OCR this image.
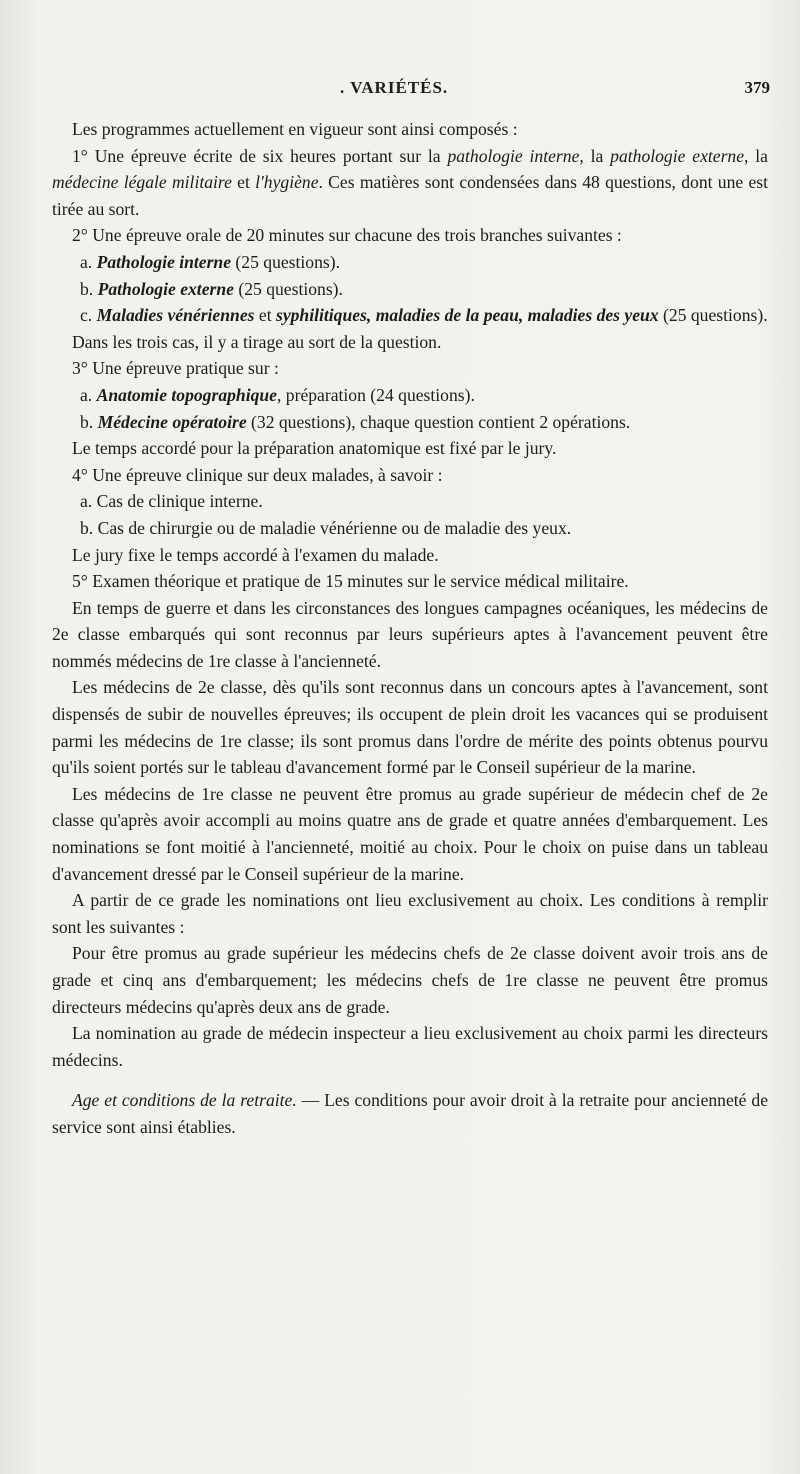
. VARIÉTÉS.	379

Les programmes actuellement en vigueur sont ainsi composés :

1° Une épreuve écrite de six heures portant sur la pathologie interne, la pathologie externe, la médecine légale militaire et l'hygiène. Ces matières sont condensées dans 48 questions, dont une est tirée au sort.

2° Une épreuve orale de 20 minutes sur chacune des trois branches suivantes :

a. Pathologie interne (25 questions).

b. Pathologie externe (25 questions).

c. Maladies vénériennes et syphilitiques, maladies de la peau, maladies des yeux (25 questions).

Dans les trois cas, il y a tirage au sort de la question.

3° Une épreuve pratique sur :

a. Anatomie topographique, préparation (24 questions).

b. Médecine opératoire (32 questions), chaque question contient 2 opérations.

Le temps accordé pour la préparation anatomique est fixé par le jury.

4° Une épreuve clinique sur deux malades, à savoir :

a. Cas de clinique interne.

b. Cas de chirurgie ou de maladie vénérienne ou de maladie des yeux.

Le jury fixe le temps accordé à l'examen du malade.

5° Examen théorique et pratique de 15 minutes sur le service médical militaire.

En temps de guerre et dans les circonstances des longues campagnes océaniques, les médecins de 2e classe embarqués qui sont reconnus par leurs supérieurs aptes à l'avancement peuvent être nommés médecins de 1re classe à l'ancienneté.

Les médecins de 2e classe, dès qu'ils sont reconnus dans un concours aptes à l'avancement, sont dispensés de subir de nouvelles épreuves; ils occupent de plein droit les vacances qui se produisent parmi les médecins de 1re classe; ils sont promus dans l'ordre de mérite des points obtenus pourvu qu'ils soient portés sur le tableau d'avancement formé par le Conseil supérieur de la marine.

Les médecins de 1re classe ne peuvent être promus au grade supérieur de médecin chef de 2e classe qu'après avoir accompli au moins quatre ans de grade et quatre années d'embarquement. Les nominations se font moitié à l'ancienneté, moitié au choix. Pour le choix on puise dans un tableau d'avancement dressé par le Conseil supérieur de la marine.

A partir de ce grade les nominations ont lieu exclusivement au choix. Les conditions à remplir sont les suivantes :

Pour être promus au grade supérieur les médecins chefs de 2e classe doivent avoir trois ans de grade et cinq ans d'embarquement; les médecins chefs de 1re classe ne peuvent être promus directeurs médecins qu'après deux ans de grade.

La nomination au grade de médecin inspecteur a lieu exclusivement au choix parmi les directeurs médecins.

Age et conditions de la retraite. — Les conditions pour avoir droit à la retraite pour ancienneté de service sont ainsi établies.
